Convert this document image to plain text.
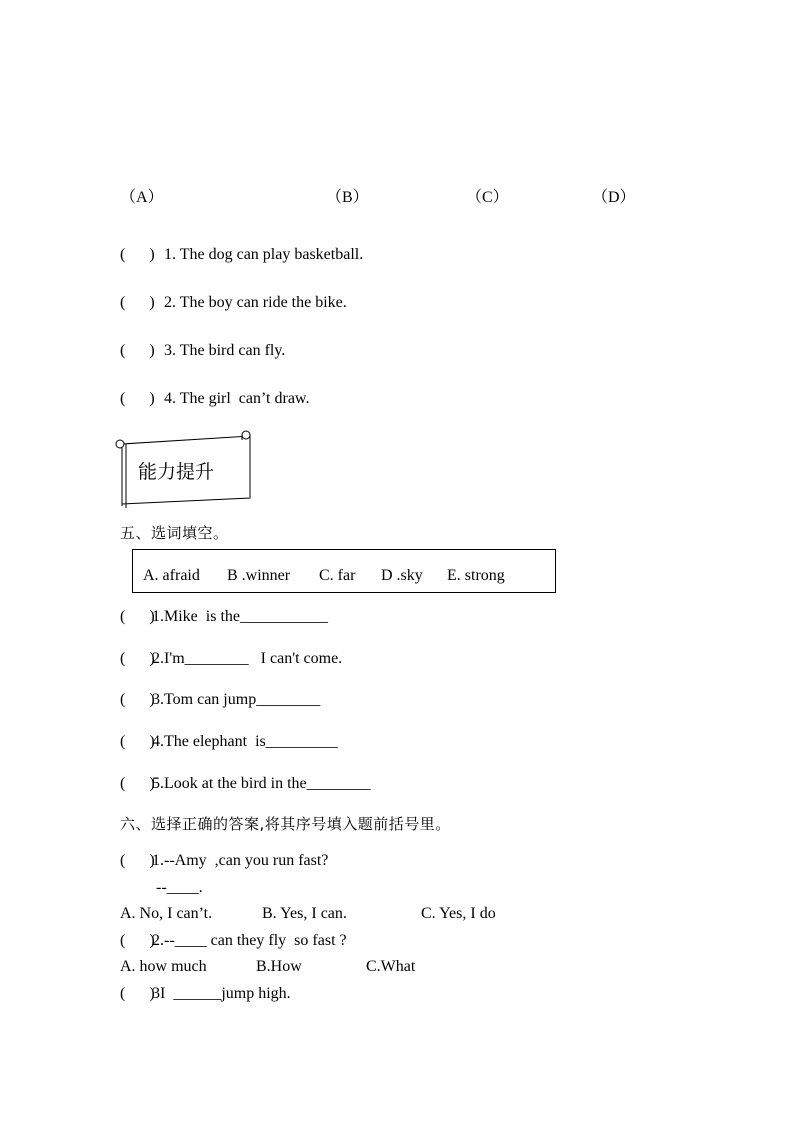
（A）	（B）	（C）	（D）
(      ) 1. The dog can play basketball.
(      ) 2. The boy can ride the bike.
(      ) 3. The bird can fly.
(      ) 4. The girl  can’t draw.
能力提升
五、选词填空。
A. afraid B .winner C. far D .sky E. strong
(      )
1.Mike  is the___________
(      )
2.I'm________   I can't come.
(      )
3.Tom can jump________
(      )
4.The elephant  is_________
(      )
5.Look at the bird in the________
六、选择正确的答案,将其序号填入题前括号里。
(      )
1.--Amy  ,can you run fast?
--____.
A. No, I can’t.	B. Yes, I can.	C. Yes, I do
(      )
2.--____ can they fly  so fast ?
A. how much	B.How	C.What
(      )
3I  ______jump high.
